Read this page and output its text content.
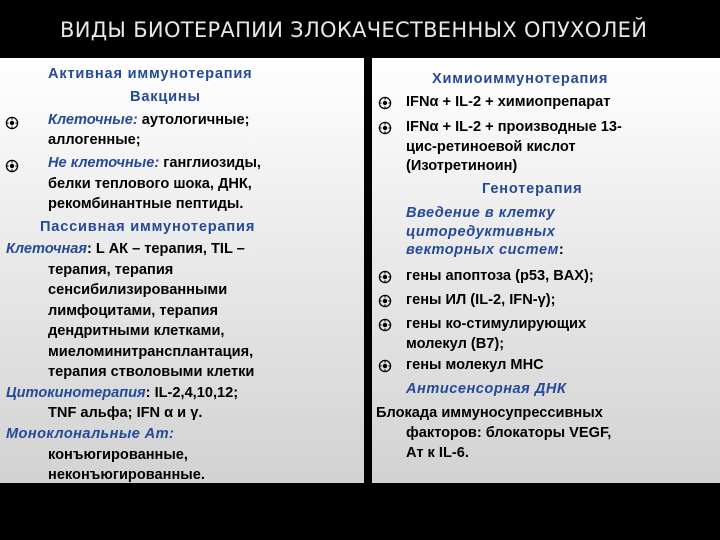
ВИДЫ БИОТЕРАПИИ ЗЛОКАЧЕСТВЕННЫХ ОПУХОЛЕЙ
Активная иммунотерапия
Вакцины
Клеточные: аутологичные;
аллогенные;
Не клеточные: ганглиозиды,
белки теплового шока, ДНК,
рекомбинантные пептиды.
Пассивная иммунотерапия
Клеточная: L АК – терапия, TIL –
терапия, терапия
сенсибилизированными
лимфоцитами, терапия
дендритными клетками,
миеломинитрансплантация,
терапия стволовыми клетки
Цитокинотерапия: IL-2,4,10,12;
TNF альфа; IFN α и γ.
Моноклональные Ат:
конъюгированные,
неконъюгированные.
Химиоиммунотерапия
IFNα + IL-2 + химиопрепарат
IFNα + IL-2 + производные 13-
цис-ретиноевой кислот
(Изотретиноин)
Генотерапия
Введение в клетку
циторедуктивных
векторных систем:
гены апоптоза (р53, BAX);
гены ИЛ (IL-2, IFN-γ);
гены ко-стимулирующих
молекул (B7);
гены молекул МНС
Антисенсорная ДНК
Блокада иммуносупрессивных
факторов: блокаторы VEGF,
Ат к IL-6.
